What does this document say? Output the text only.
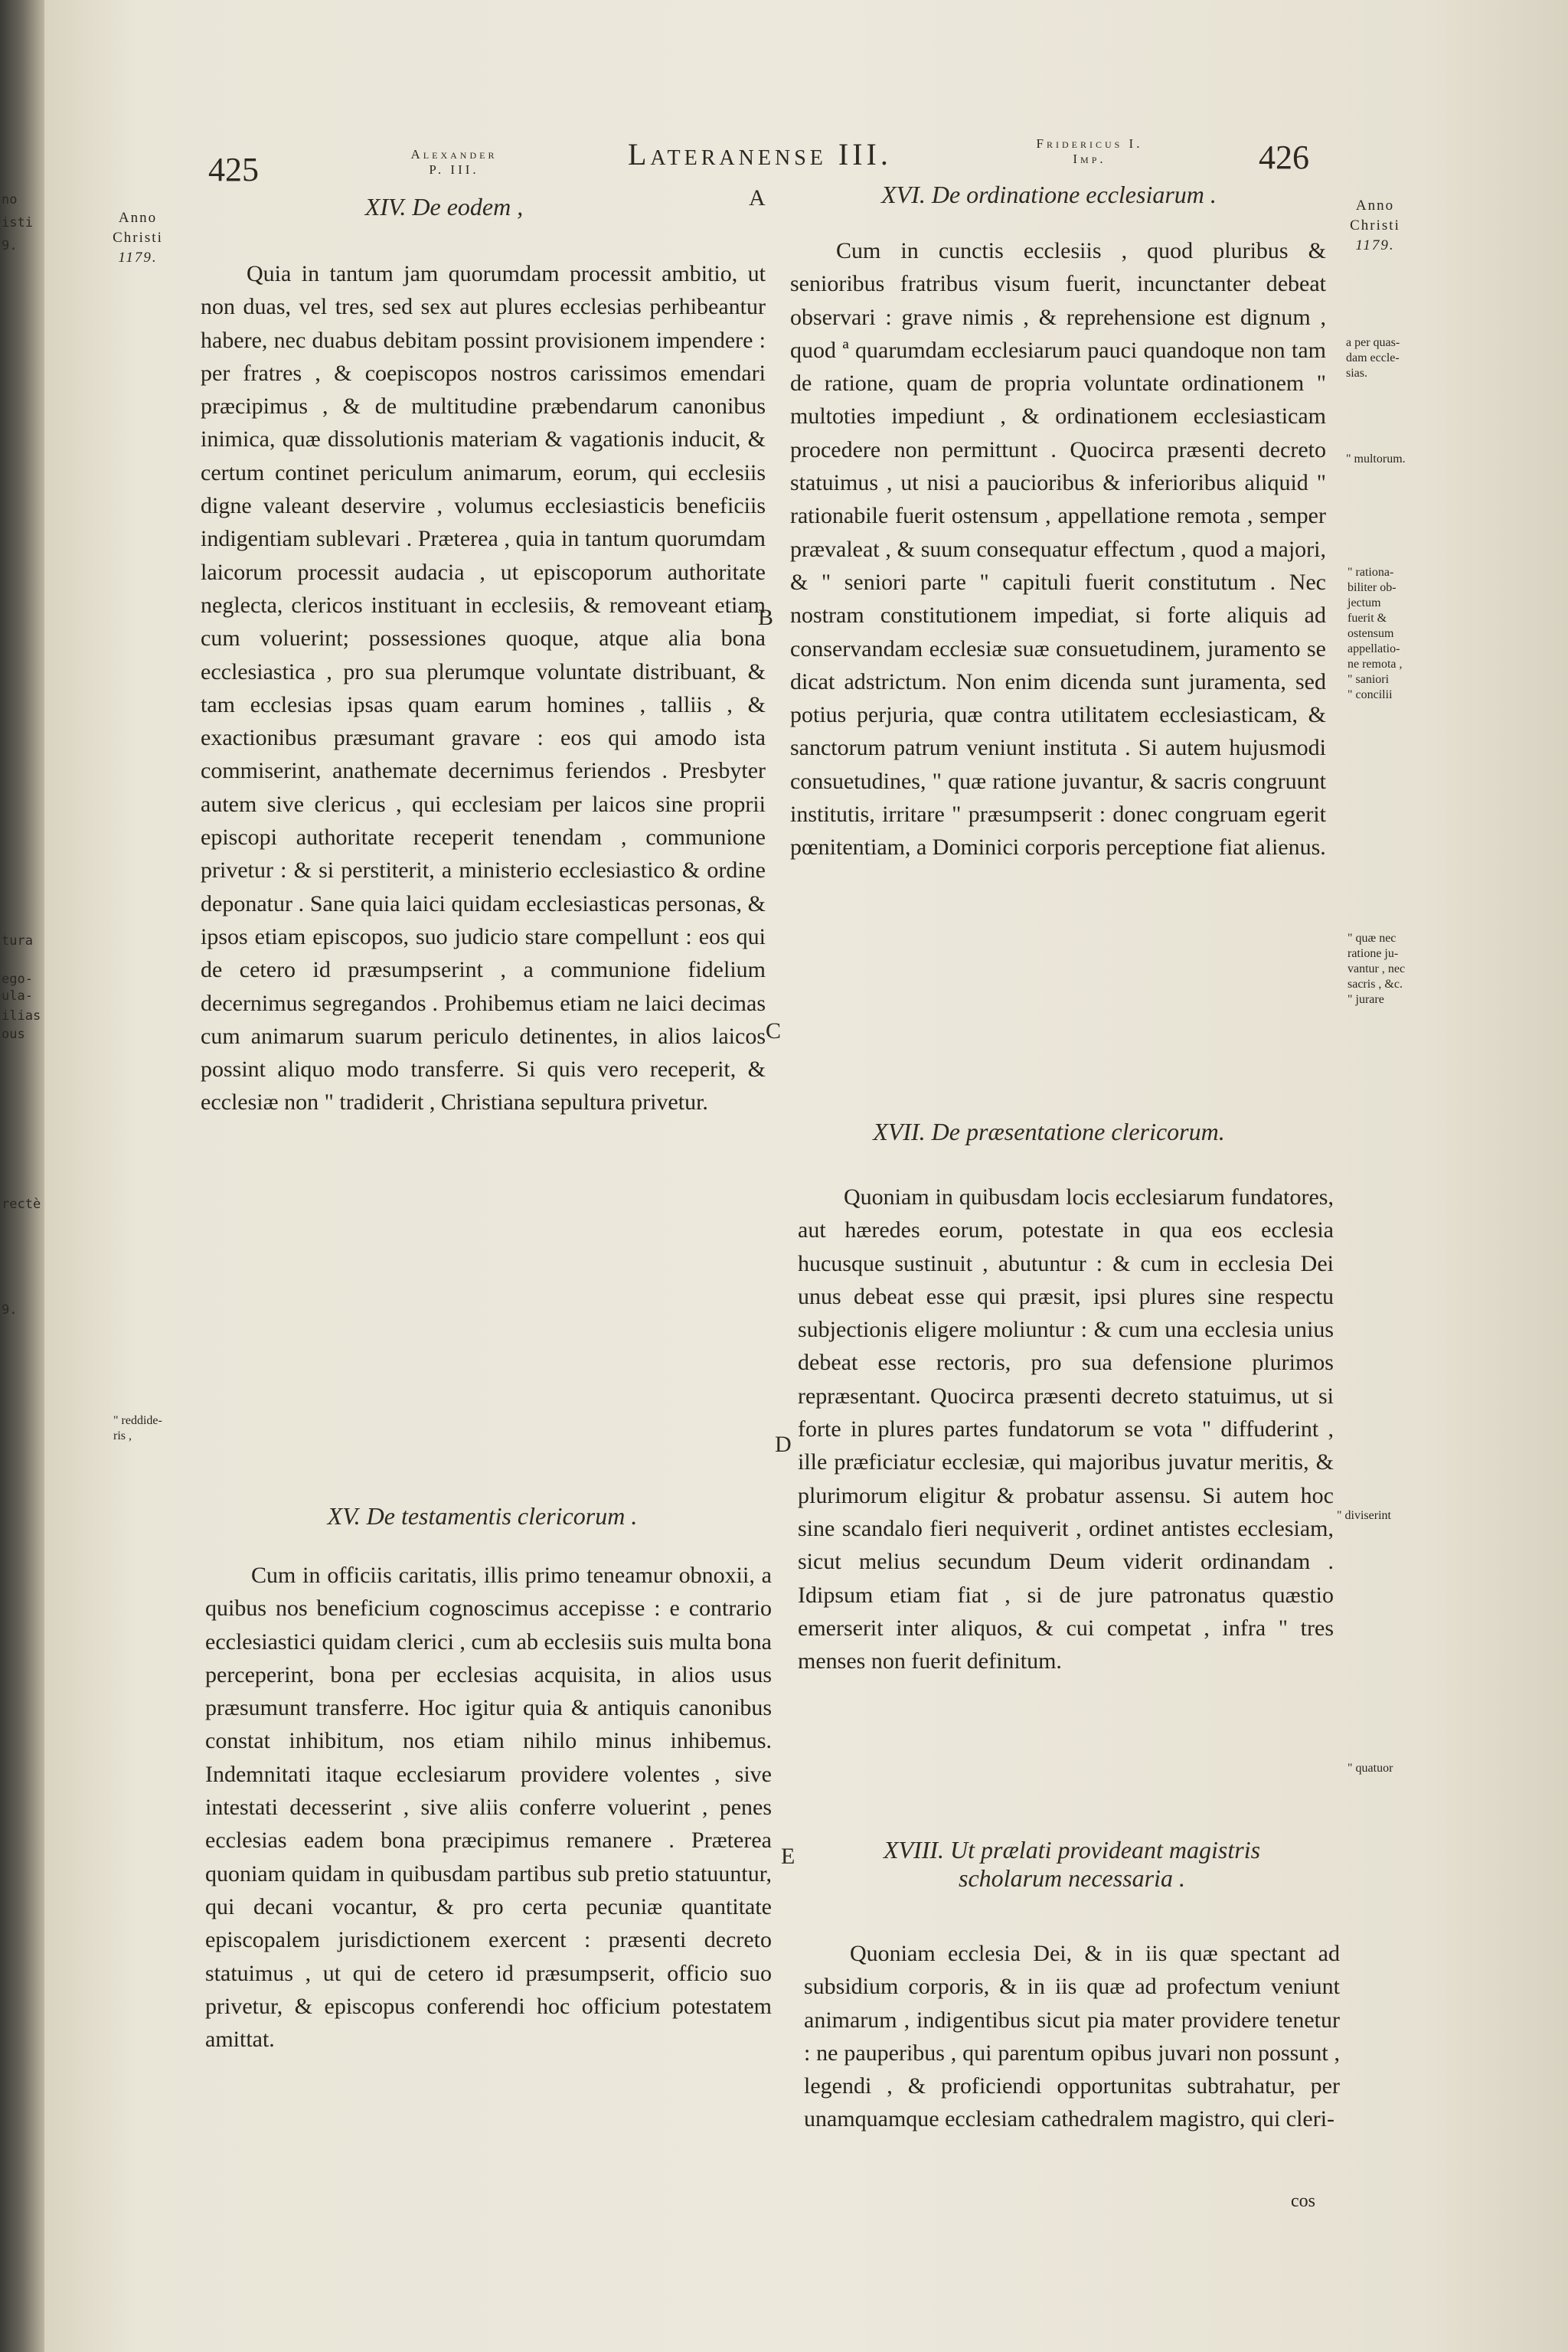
no
isti
9.
tura
ego-
ula-
ilias
ous
rectè
9.
425	Alexander
P. III.	Lateranense III.	Fridericus I.
Imp.	426
Anno
Christi
1179.
Anno
Christi
1179.
A
B
C
D
E
XIV. De eodem ,

Quia in tantum jam quorumdam processit ambitio, ut non duas, vel tres, sed sex aut plures ecclesias perhibeantur habere, nec duabus debitam possint provisionem impendere : per fratres , & coepiscopos nostros carissimos emendari præcipimus , & de multitudine præbendarum canonibus inimica, quæ dissolutionis materiam & vagationis inducit, & certum continet periculum animarum, eorum, qui ecclesiis digne valeant deservire , volumus ecclesiasticis beneficiis indigentiam sublevari . Præterea , quia in tantum quorumdam laicorum processit audacia , ut episcoporum authoritate neglecta, clericos instituant in ecclesiis, & removeant etiam cum voluerint; possessiones quoque, atque alia bona ecclesiastica , pro sua plerumque voluntate distribuant, & tam ecclesias ipsas quam earum homines , talliis , & exactionibus præsumant gravare : eos qui amodo ista commiserint, anathemate decernimus feriendos . Presbyter autem sive clericus , qui ecclesiam per laicos sine proprii episcopi authoritate receperit tenendam , communione privetur : & si perstiterit, a ministerio ecclesiastico & ordine deponatur . Sane quia laici quidam ecclesiasticas personas, & ipsos etiam episcopos, suo judicio stare compellunt : eos qui de cetero id præsumpserint , a communione fidelium decernimus segregandos . Prohibemus etiam ne laici decimas cum animarum suarum periculo detinentes, in alios laicos possint aliquo modo transferre. Si quis vero receperit, & ecclesiæ non " tradiderit , Christiana sepultura privetur.

XV. De testamentis clericorum .

Cum in officiis caritatis, illis primo teneamur obnoxii, a quibus nos beneficium cognoscimus accepisse : e contrario ecclesiastici quidam clerici , cum ab ecclesiis suis multa bona perceperint, bona per ecclesias acquisita, in alios usus præsumunt transferre. Hoc igitur quia & antiquis canonibus constat inhibitum, nos etiam nihilo minus inhibemus. Indemnitati itaque ecclesiarum providere volentes , sive intestati decesserint , sive aliis conferre voluerint , penes ecclesias eadem bona præcipimus remanere . Præterea quoniam quidam in quibusdam partibus sub pretio statuuntur, qui decani vocantur, & pro certa pecuniæ quantitate episcopalem jurisdictionem exercent : præsenti decreto statuimus , ut qui de cetero id præsumpserit, officio suo privetur, & episcopus conferendi hoc officium potestatem amittat.

XVI. De ordinatione ecclesiarum .

Cum in cunctis ecclesiis , quod pluribus & senioribus fratribus visum fuerit, incunctanter debeat observari : grave nimis , & reprehensione est dignum , quod ª quarumdam ecclesiarum pauci quandoque non tam de ratione, quam de propria voluntate ordinationem " multoties impediunt , & ordinationem ecclesiasticam procedere non permittunt . Quocirca præsenti decreto statuimus , ut nisi a paucioribus & inferioribus aliquid " rationabile fuerit ostensum , appellatione remota , semper prævaleat , & suum consequatur effectum , quod a majori, & " seniori parte " capituli fuerit constitutum . Nec nostram constitutionem impediat, si forte aliquis ad conservandam ecclesiæ suæ consuetudinem, juramento se dicat adstrictum. Non enim dicenda sunt juramenta, sed potius perjuria, quæ contra utilitatem ecclesiasticam, & sanctorum patrum veniunt instituta . Si autem hujusmodi consuetudines, " quæ ratione juvantur, & sacris congruunt institutis, irritare " præsumpserit : donec congruam egerit pœnitentiam, a Dominici corporis perceptione fiat alienus.

XVII. De præsentatione clericorum.

Quoniam in quibusdam locis ecclesiarum fundatores, aut hæredes eorum, potestate in qua eos ecclesia hucusque sustinuit , abutuntur : & cum in ecclesia Dei unus debeat esse qui præsit, ipsi plures sine respectu subjectionis eligere moliuntur : & cum una ecclesia unius debeat esse rectoris, pro sua defensione plurimos repræsentant. Quocirca præsenti decreto statuimus, ut si forte in plures partes fundatorum se vota " diffuderint , ille præficiatur ecclesiæ, qui majoribus juvatur meritis, & plurimorum eligitur & probatur assensu. Si autem hoc sine scandalo fieri nequiverit , ordinet antistes ecclesiam, sicut melius secundum Deum viderit ordinandam . Idipsum etiam fiat , si de jure patronatus quæstio emerserit inter aliquos, & cui competat , infra " tres menses non fuerit definitum.

XVIII. Ut prælati provideant magistris
scholarum necessaria .

Quoniam ecclesia Dei, & in iis quæ spectant ad subsidium corporis, & in iis quæ ad profectum veniunt animarum , indigentibus sicut pia mater providere tenetur : ne pauperibus , qui parentum opibus juvari non possunt , legendi , & proficiendi opportunitas subtrahatur, per unamquamque ecclesiam cathedralem magistro, qui cleri-

cos
" reddide-
ris ,
a per quas-
dam eccle-
sias.
" multorum.
" rationa-
biliter ob-
jectum
fuerit &
ostensum
appellatio-
ne remota ,
" saniori
" concilii
" quæ nec
ratione ju-
vantur , nec
sacris , &c.
" jurare
" diviserint
" quatuor
